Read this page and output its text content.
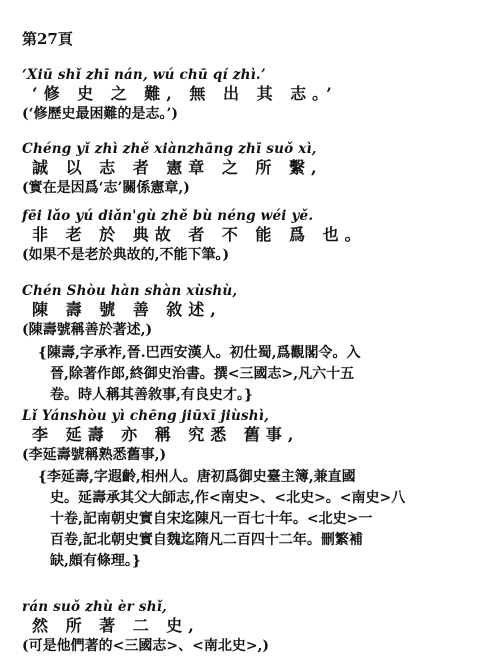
第27頁
‘Xiū shǐ zhī nán, wú chū qí zhì.’
‘修 史 之 難, 無 出 其 志。’
(‘修歷史最困難的是志。’)
Chéng yǐ zhì zhě xiànzhāng zhī suǒ xì,
誠 以 志 者 憲章 之 所 繫,
(實在是因爲‘志’關係憲章,)
fēi lǎo yú diǎn'gù zhě bù néng wéi yě.
非 老 於 典故 者 不 能 爲 也。
(如果不是老於典故的,不能下筆。)
Chén Shòu hàn shàn xùshù,
陳 壽 號 善 敘述,
(陳壽號稱善於著述,)

{陳壽,字承祚,晉.巴西安漢人。初仕蜀,爲觀閣令。入

晉,除著作郎,終御史治書。撰<三國志>,凡六十五

卷。時人稱其善敘事,有良史才。}

Lǐ Yánshòu yì chēng jiūxī jiùshì,
李 延壽 亦 稱 究悉 舊事,
(李延壽號稱熟悉舊事,)

{李延壽,字遐齡,相州人。唐初爲御史臺主簿,兼直國

史。延壽承其父大師志,作<南史>、<北史>。<南史>八

十卷,記南朝史實自宋迄陳凡一百七十年。<北史>一

百卷,記北朝史實自魏迄隋凡二百四十二年。刪繁補

缺,頗有條理。}

rán suǒ zhù èr shǐ,
然 所 著 二 史,
(可是他們著的<三國志>、<南北史>,)
